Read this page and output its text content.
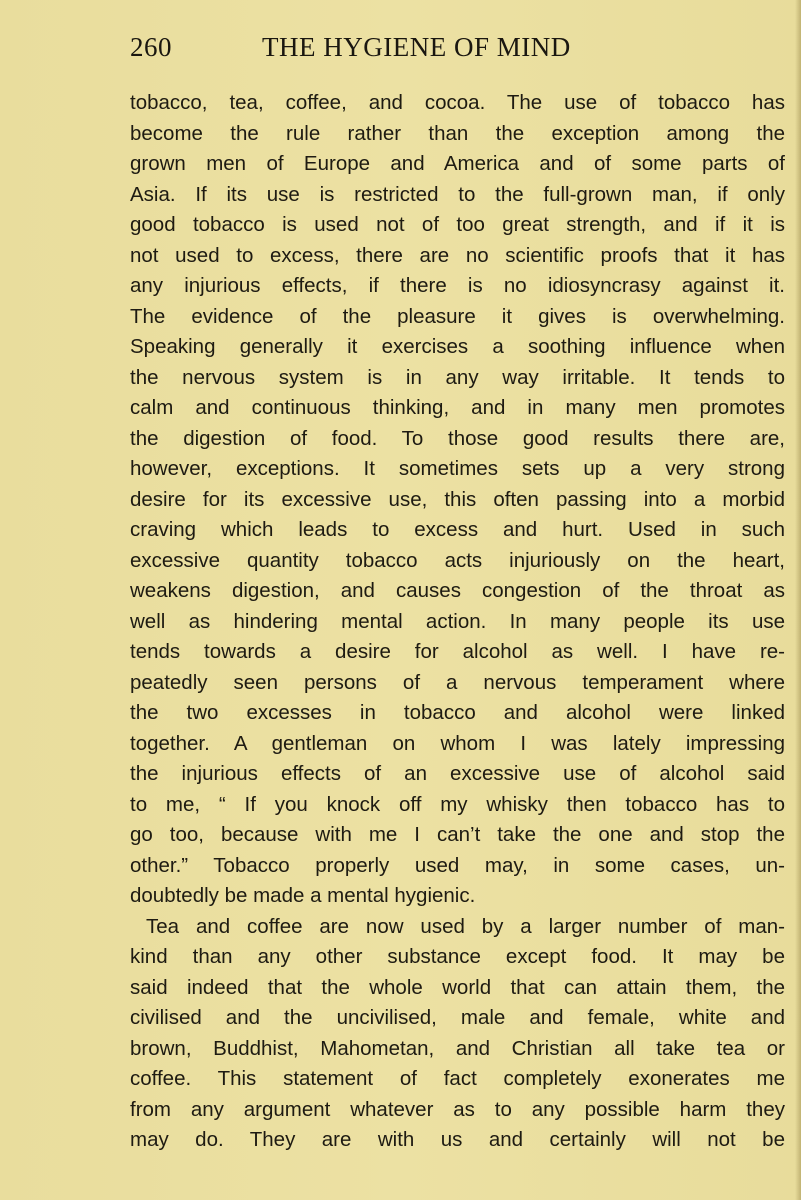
260	THE HYGIENE OF MIND
tobacco, tea, coffee, and cocoa. The use of tobacco has
become the rule rather than the exception among the
grown men of Europe and America and of some parts of
Asia. If its use is restricted to the full-grown man, if only
good tobacco is used not of too great strength, and if it is
not used to excess, there are no scientific proofs that it has
any injurious effects, if there is no idiosyncrasy against it.
The evidence of the pleasure it gives is overwhelming.
Speaking generally it exercises a soothing influence when
the nervous system is in any way irritable. It tends to
calm and continuous thinking, and in many men promotes
the digestion of food. To those good results there are,
however, exceptions. It sometimes sets up a very strong
desire for its excessive use, this often passing into a morbid
craving which leads to excess and hurt. Used in such
excessive quantity tobacco acts injuriously on the heart,
weakens digestion, and causes congestion of the throat as
well as hindering mental action. In many people its use
tends towards a desire for alcohol as well. I have re-
peatedly seen persons of a nervous temperament where
the two excesses in tobacco and alcohol were linked
together. A gentleman on whom I was lately impressing
the injurious effects of an excessive use of alcohol said
to me, “ If you knock off my whisky then tobacco has to
go too, because with me I can’t take the one and stop the
other.” Tobacco properly used may, in some cases, un-
doubtedly be made a mental hygienic.
Tea and coffee are now used by a larger number of man-
kind than any other substance except food. It may be
said indeed that the whole world that can attain them, the
civilised and the uncivilised, male and female, white and
brown, Buddhist, Mahometan, and Christian all take tea or
coffee. This statement of fact completely exonerates me
from any argument whatever as to any possible harm they
may do. They are with us and certainly will not be
